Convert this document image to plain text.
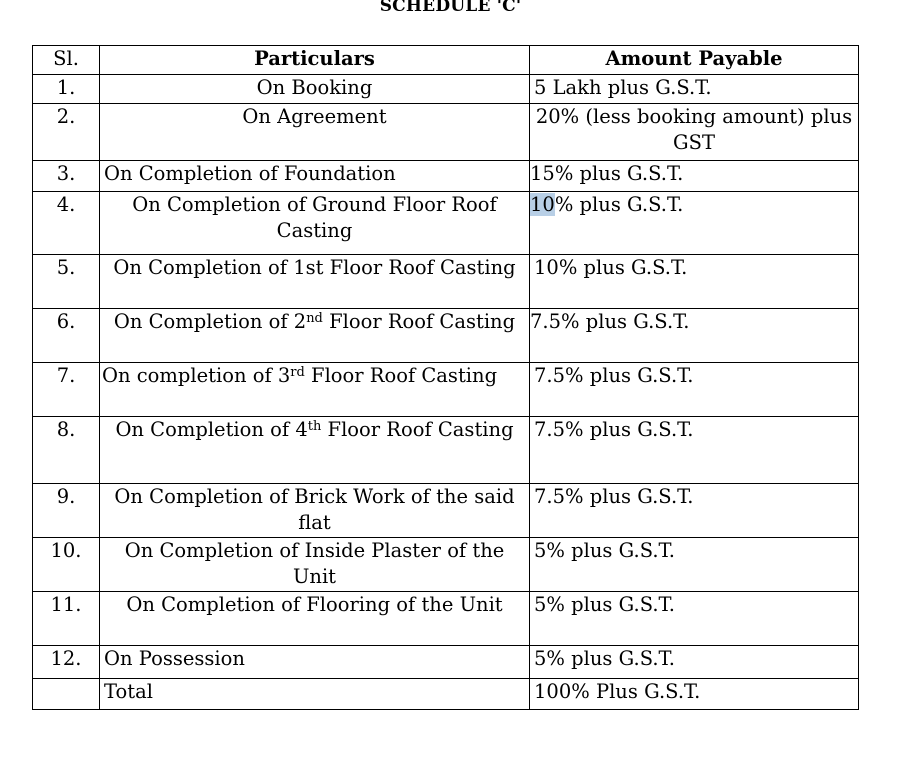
SCHEDULE 'C'
Sl.	Particulars	Amount Payable
1.	On Booking	5 Lakh plus G.S.T.
2.	On Agreement	20% (less booking amount) plus GST
3.	On Completion of Foundation	15% plus G.S.T.
4.	On Completion of Ground Floor Roof Casting	10% plus G.S.T.
5.	On Completion of 1st Floor Roof Casting	10% plus G.S.T.
6.	On Completion of 2nd Floor Roof Casting	7.5% plus G.S.T.
7.	On completion of 3rd Floor Roof Casting	7.5% plus G.S.T.
8.	On Completion of 4th Floor Roof Casting	7.5% plus G.S.T.
9.	On Completion of Brick Work of the said flat	7.5% plus G.S.T.
10.	On Completion of Inside Plaster of the Unit	5% plus G.S.T.
11.	On Completion of Flooring of the Unit	5% plus G.S.T.
12.	On Possession	5% plus G.S.T.
	Total	100% Plus G.S.T.
